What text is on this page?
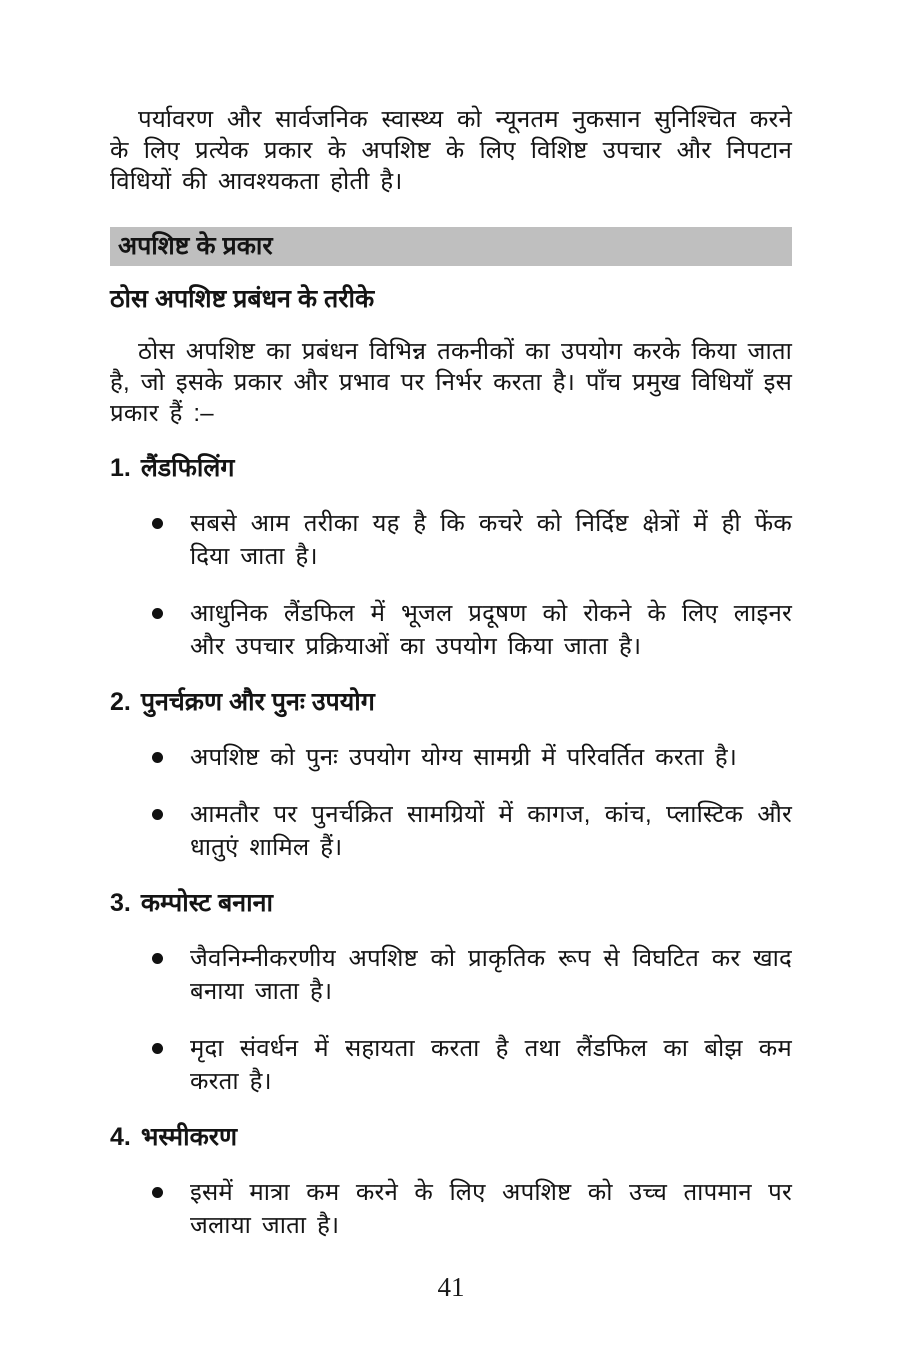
पर्यावरण और सार्वजनिक स्वास्थ्य को न्यूनतम नुकसान सुनिश्चित करने के लिए प्रत्येक प्रकार के अपशिष्ट के लिए विशिष्ट उपचार और निपटान विधियों की आवश्यकता होती है।

अपशिष्ट के प्रकार
ठोस अपशिष्ट प्रबंधन के तरीके

ठोस अपशिष्ट का प्रबंधन विभिन्न तकनीकों का उपयोग करके किया जाता है, जो इसके प्रकार और प्रभाव पर निर्भर करता है। पाँच प्रमुख विधियाँ इस प्रकार हैं :–

1. लैंडफिलिंग
सबसे आम तरीका यह है कि कचरे को निर्दिष्ट क्षेत्रों में ही फेंक दिया जाता है।
आधुनिक लैंडफिल में भूजल प्रदूषण को रोकने के लिए लाइनर और उपचार प्रक्रियाओं का उपयोग किया जाता है।
2. पुनर्चक्रण और पुनः उपयोग
अपशिष्ट को पुनः उपयोग योग्य सामग्री में परिवर्तित करता है।
आमतौर पर पुनर्चक्रित सामग्रियों में कागज, कांच, प्लास्टिक और धातुएं शामिल हैं।
3. कम्पोस्ट बनाना
जैवनिम्नीकरणीय अपशिष्ट को प्राकृतिक रूप से विघटित कर खाद बनाया जाता है।
मृदा संवर्धन में सहायता करता है तथा लैंडफिल का बोझ कम करता है।
4. भस्मीकरण
इसमें मात्रा कम करने के लिए अपशिष्ट को उच्च तापमान पर जलाया जाता है।
41
